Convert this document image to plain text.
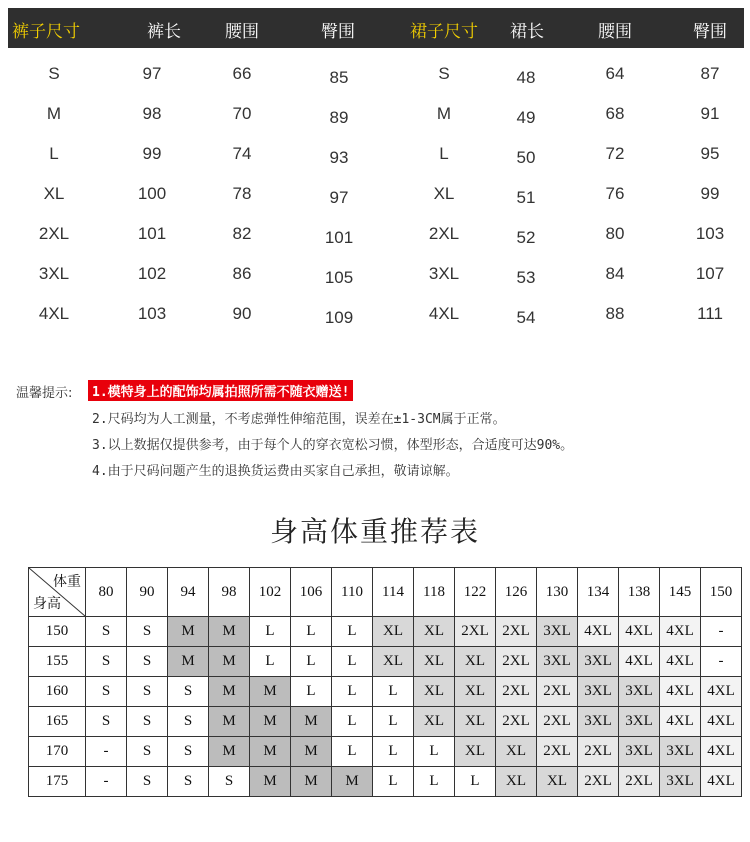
裤子尺寸	裤长	腰围	臀围	裙子尺寸	裙长	腰围	臀围
S	97	66	85	S	48	64	87
M	98	70	89	M	49	68	91
L	99	74	93	L	50	72	95
XL	100	78	97	XL	51	76	99
2XL	101	82	101	2XL	52	80	103
3XL	102	86	105	3XL	53	84	107
4XL	103	90	109	4XL	54	88	111
温馨提示:	1.模特身上的配饰均属拍照所需不随衣赠送!
2.尺码均为人工测量，不考虑弹性伸缩范围，误差在±1-3CM属于正常。
3.以上数据仅提供参考，由于每个人的穿衣宽松习惯，体型形态，合适度可达90%。
4.由于尺码问题产生的退换货运费由买家自己承担，敬请谅解。
身高体重推荐表
体重
身高	80	90	94	98	102	106	110	114	118	122	126	130	134	138	145	150
150	S	S	M	M	L	L	L	XL	XL	2XL	2XL	3XL	4XL	4XL	4XL	-
155	S	S	M	M	L	L	L	XL	XL	XL	2XL	3XL	3XL	4XL	4XL	-
160	S	S	S	M	M	L	L	L	XL	XL	2XL	2XL	3XL	3XL	4XL	4XL
165	S	S	S	M	M	M	L	L	XL	XL	2XL	2XL	3XL	3XL	4XL	4XL
170	-	S	S	M	M	M	L	L	L	XL	XL	2XL	2XL	3XL	3XL	4XL
175	-	S	S	S	M	M	M	L	L	L	XL	XL	2XL	2XL	3XL	4XL
